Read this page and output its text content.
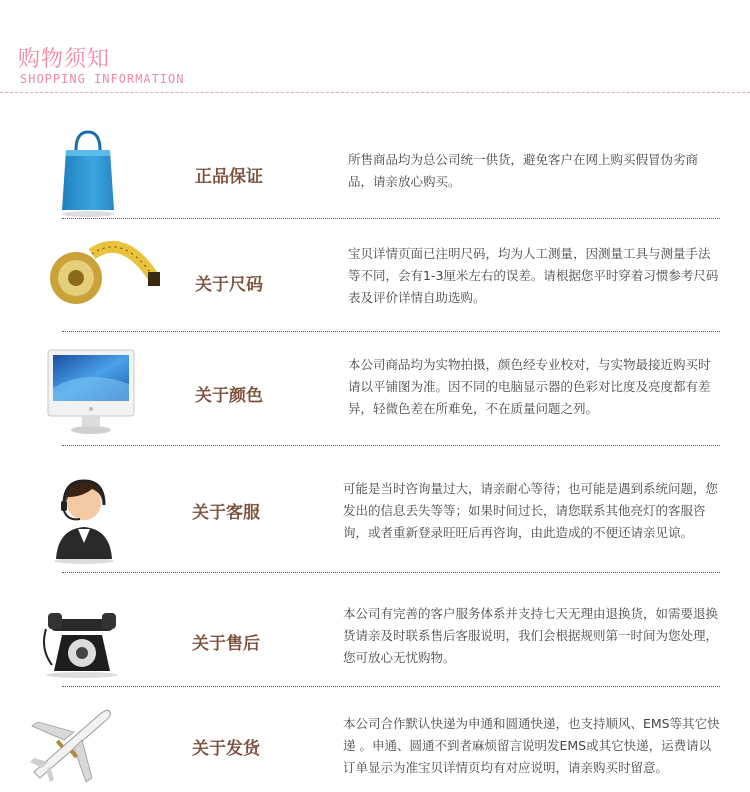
购物须知
SHOPPING INFORMATION
正品保证
所售商品均为总公司统一供货，避免客户在网上购买假冒伪劣商品，请亲放心购买。
关于尺码
宝贝详情页面已注明尺码，均为人工测量，因测量工具与测量手法等不同，会有1-3厘米左右的误差。请根据您平时穿着习惯参考尺码表及评价详情自助选购。
关于颜色
本公司商品均为实物拍摄，颜色经专业校对，与实物最接近购买时请以平铺图为准。因不同的电脑显示器的色彩对比度及亮度都有差异，轻微色差在所难免，不在质量问题之列。
关于客服
可能是当时咨询量过大，请亲耐心等待；也可能是遇到系统问题，您发出的信息丢失等等；如果时间过长，请您联系其他亮灯的客服咨询，或者重新登录旺旺后再咨询，由此造成的不便还请亲见谅。
关于售后
本公司有完善的客户服务体系并支持七天无理由退换货，如需要退换货请亲及时联系售后客服说明，我们会根据规则第一时间为您处理，您可放心无忧购物。
关于发货
本公司合作默认快递为申通和圆通快递，也支持顺风、EMS等其它快递 。申通、圆通不到者麻烦留言说明发EMS或其它快递，运费请以订单显示为准宝贝详情页均有对应说明，请亲购买时留意。
